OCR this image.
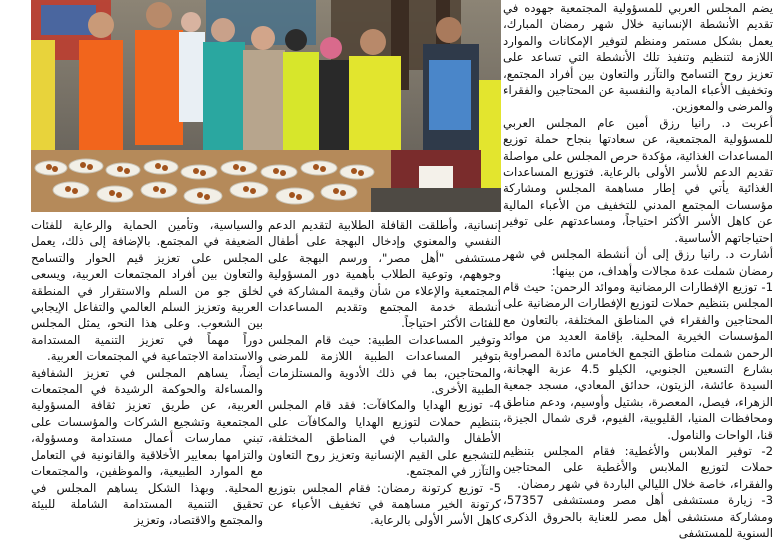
يضم المجلس العربي للمسؤولية المجتمعية جهوده في تقديم الأنشطة الإنسانية خلال شهر رمضان المبارك، يعمل بشكل مستمر ومنظم لتوفير الإمكانات والموارد اللازمة لتنظيم وتنفيذ تلك الأنشطة التي تساعد على تعزيز روح التسامح والتآزر والتعاون بين أفراد المجتمع، وتخفيف الأعباء المادية والنفسية عن المحتاجين والفقراء والمرضى والمعوزين.

أعربت د. رانيا رزق أمين عام المجلس العربي للمسؤولية المجتمعية، عن سعادتها بنجاح حملة توزيع المساعدات الغذائية، مؤكدة حرص المجلس على مواصلة تقديم الدعم للأسر الأولى بالرعاية. فتوزيع المساعدات الغذائية يأتي في إطار مساهمة المجلس ومشاركة مؤسسات المجتمع المدني للتخفيف من الأعباء المالية عن كاهل الأسر الأكثر احتياجاً، ومساعدتهم على توفير احتياجاتهم الأساسية.

أشارت د. رانيا رزق إلى أن أنشطة المجلس في شهر رمضان شملت عدة مجالات وأهداف، من بينها:

1- توزيع الإفطارات الرمضانية وموائد الرحمن: حيث قام المجلس بتنظيم حملات لتوزيع الإفطارات الرمضانية على المحتاجين والفقراء في المناطق المختلفة، بالتعاون مع المؤسسات الخيرية المحلية. بإقامة العديد من موائد الرحمن شملت مناطق التجمع الخامس مائدة المصراوية بشارع التسعين الجنوبي، الكيلو 4.5 عزبة الهجانة، السيدة عائشة، الزيتون، حدائق المعادي، مسجد جمعية الزهراء، فيصل، المعصرة، بشتيل وأوسيم، ودعم مناطق ومحافظات المنيا، القليوبية، الفيوم، قرى شمال الجيزة، قنا، الواحات والنامول.

2- توفير الملابس والأغطية: فقام المجلس بتنظيم حملات لتوزيع الملابس والأغطية على المحتاجين والفقراء، خاصة خلال الليالي الباردة في شهر رمضان.

3- زيارة مستشفى أهل مصر ومستشفى 57357، ومشاركة مستشفى أهل مصر للعناية بالحروق الذكرى السنوية للمستشفى

إنسانية، وأطلقت القافلة الطلابية لتقديم الدعم النفسي والمعنوي وإدخال البهجة على أطفال مستشفى "أهل مصر"، ورسم البهجة على وجوههم، وتوعية الطلاب بأهمية دور المسؤولية المجتمعية والإعلاء من شأن وقيمة المشاركة في أنشطة خدمة المجتمع وتقديم المساعدات للفئات الأكثر احتياجاً.

وتوفير المساعدات الطبية: حيث قام المجلس بتوفير المساعدات الطبية اللازمة للمرضى والمحتاجين، بما في ذلك الأدوية والمستلزمات الطبية الأخرى.

4- توزيع الهدايا والمكافآت: فقد قام المجلس بتنظيم حملات لتوزيع الهدايا والمكافآت على الأطفال والشباب في المناطق المختلفة، للتشجيع على القيم الإنسانية وتعزيز روح التعاون والتآزر في المجتمع.

5- توزيع كرتونة رمضان: فقام المجلس بتوزيع كرتونة الخير مساهمة في تخفيف الأعباء عن كاهل الأسر الأولى بالرعاية.

والسياسية، وتأمين الحماية والرعاية للفئات الضعيفة في المجتمع. بالإضافة إلى ذلك، يعمل المجلس على تعزيز قيم الحوار والتسامح والتعاون بين أفراد المجتمعات العربية، ويسعى لخلق جو من السلم والاستقرار في المنطقة العربية وتعزيز السلم العالمي والتفاعل الإيجابي بين الشعوب. وعلى هذا النحو، يمثل المجلس دوراً مهماً في تعزيز التنمية المستدامة والاستدامة الاجتماعية في المجتمعات العربية.

أيضاً، يساهم المجلس في تعزيز الشفافية والمساءلة والحوكمة الرشيدة في المجتمعات العربية، عن طريق تعزيز ثقافة المسؤولية المجتمعية وتشجيع الشركات والمؤسسات على تبني ممارسات أعمال مستدامة ومسؤولة، والتزامها بمعايير الأخلاقية والقانونية في التعامل مع الموارد الطبيعية، والموظفين، والمجتمعات المحلية. وبهذا الشكل يساهم المجلس في تحقيق التنمية المستدامة الشاملة للبيئة والمجتمع والاقتصاد، وتعزيز
